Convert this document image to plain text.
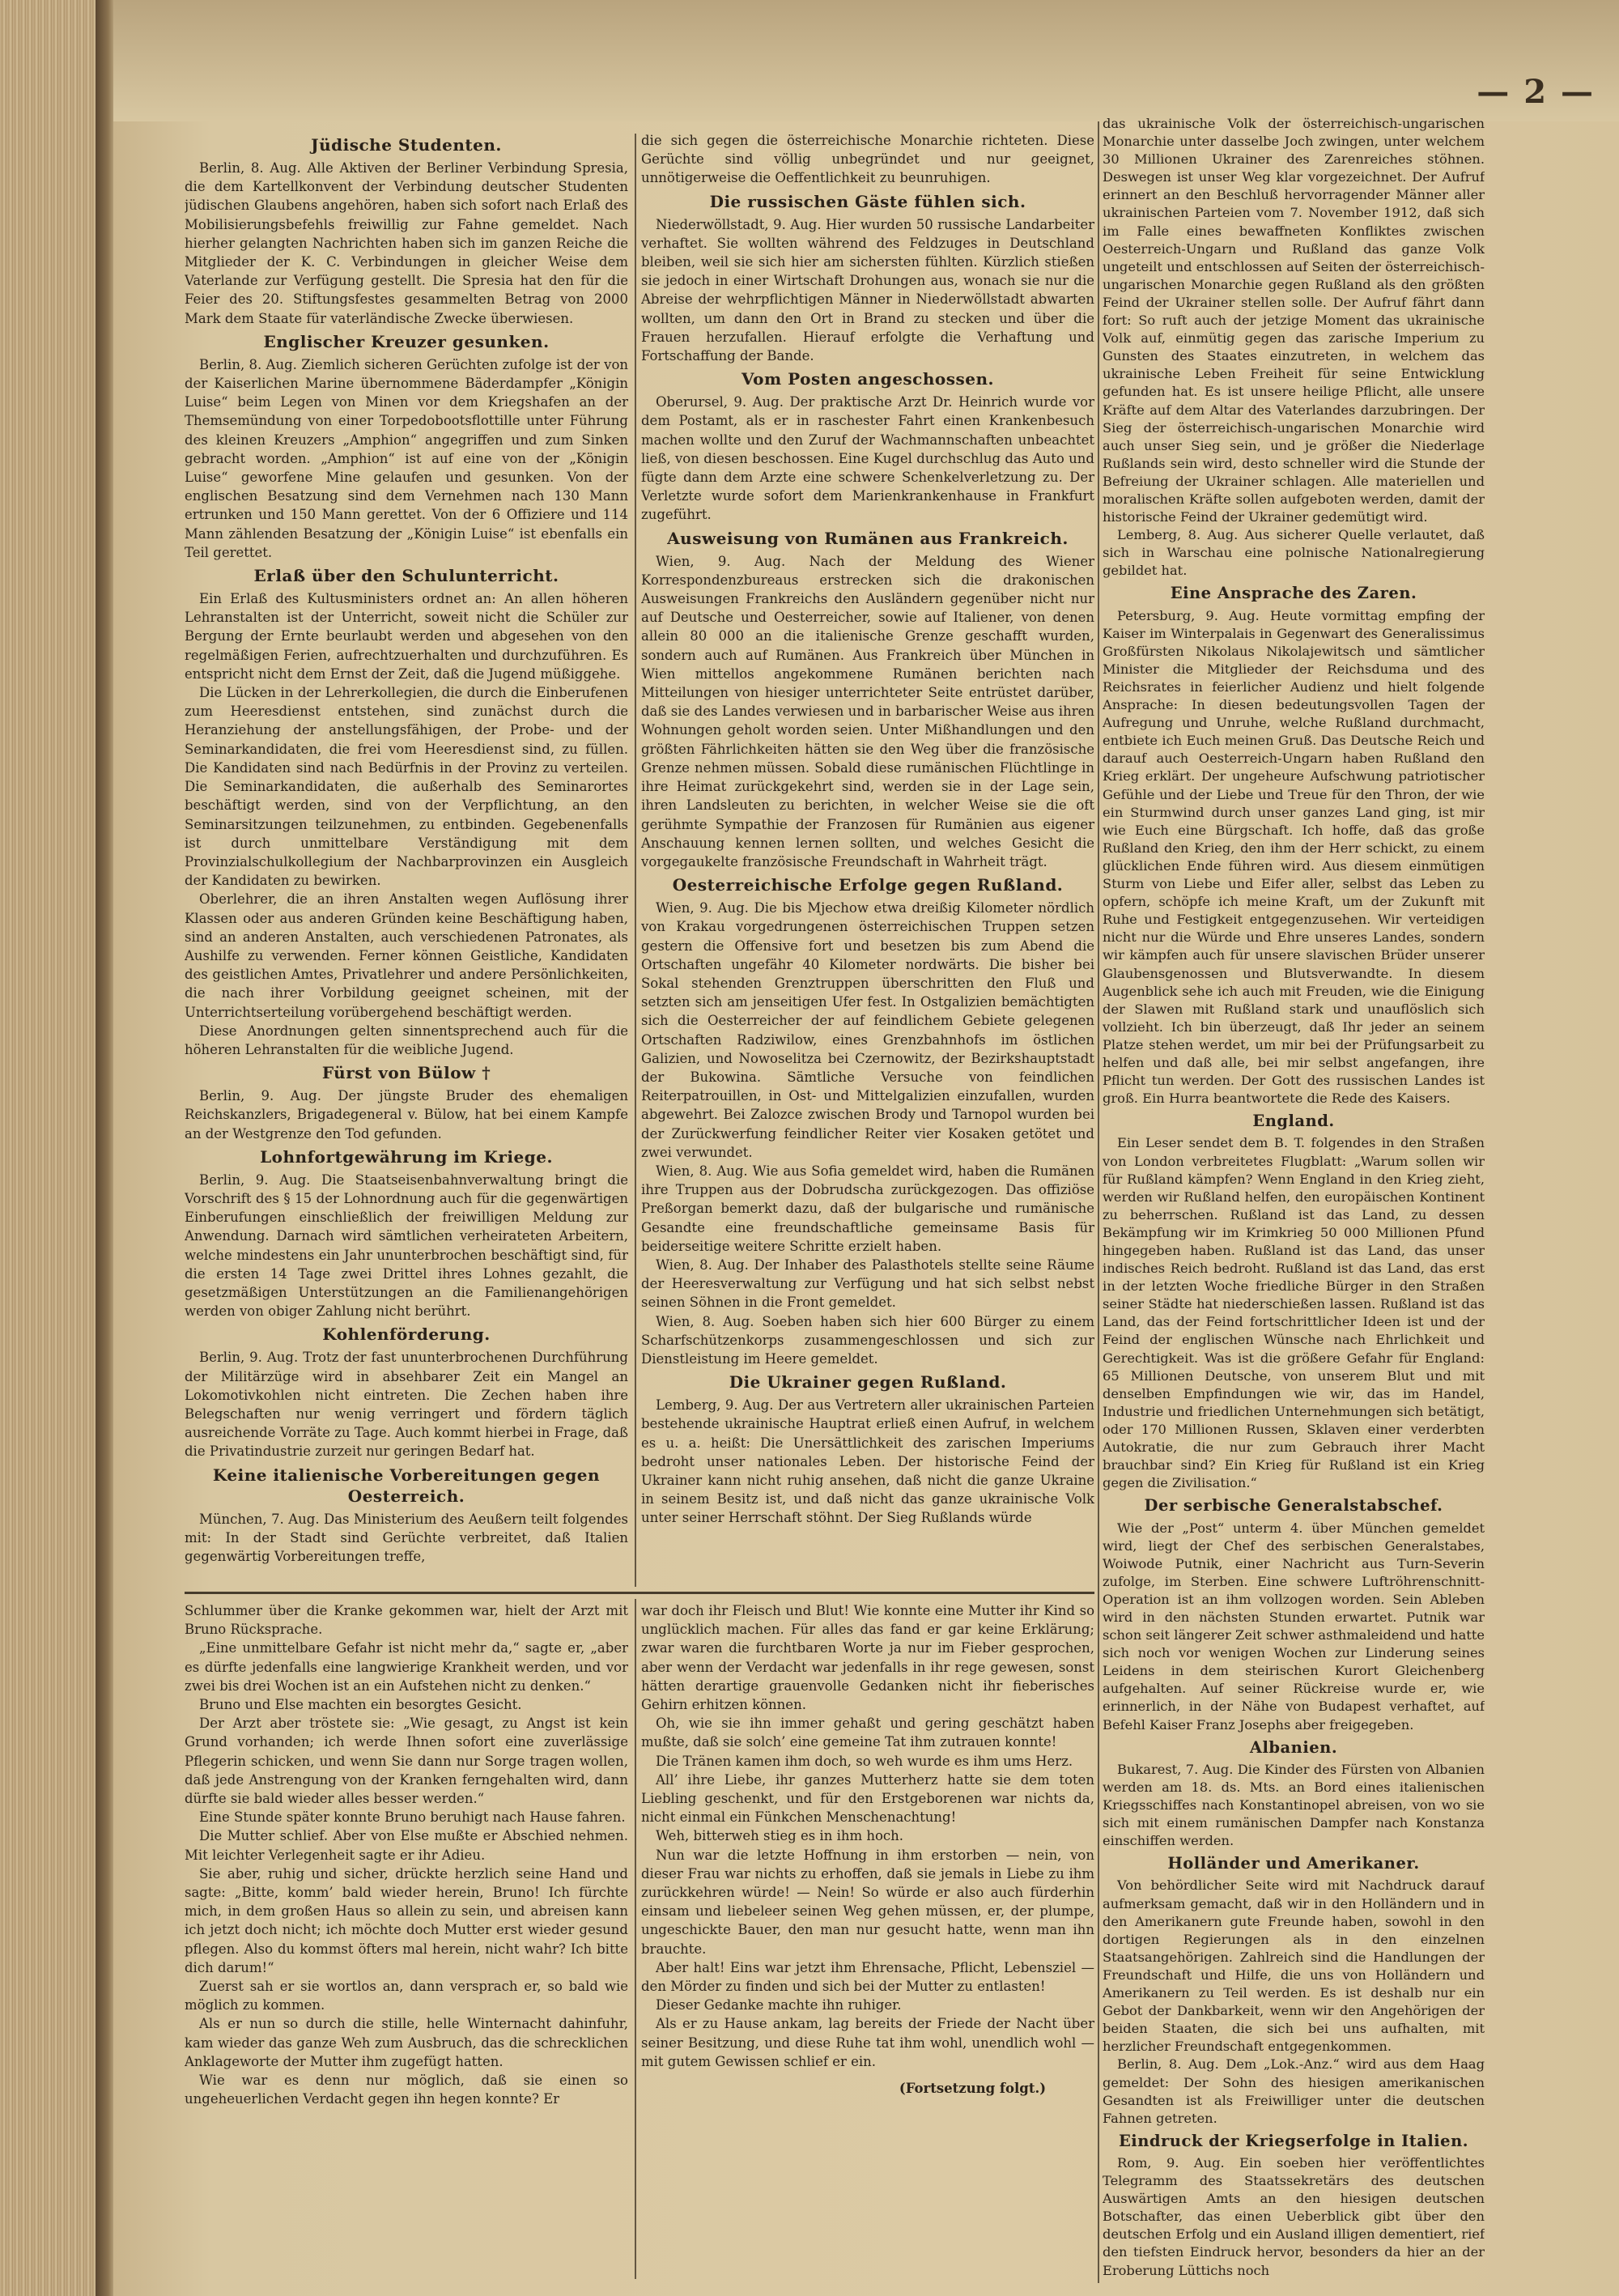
— 2 —
Jüdische Studenten.

Berlin, 8. Aug. Alle Aktiven der Berliner Verbindung Spresia, die dem Kartellkonvent der Verbindung deutscher Studenten jüdischen Glaubens angehören, haben sich sofort nach Erlaß des Mobilisierungsbefehls freiwillig zur Fahne gemeldet. Nach hierher gelangten Nachrichten haben sich im ganzen Reiche die Mitglieder der K. C. Verbindungen in gleicher Weise dem Vaterlande zur Verfügung gestellt. Die Spresia hat den für die Feier des 20. Stiftungsfestes gesammelten Betrag von 2000 Mark dem Staate für vaterländische Zwecke überwiesen.

Englischer Kreuzer gesunken.

Berlin, 8. Aug. Ziemlich sicheren Gerüchten zufolge ist der von der Kaiserlichen Marine übernommene Bäderdampfer „Königin Luise“ beim Legen von Minen vor dem Kriegshafen an der Themsemündung von einer Torpedobootsflottille unter Führung des kleinen Kreuzers „Amphion“ angegriffen und zum Sinken gebracht worden. „Amphion“ ist auf eine von der „Königin Luise“ geworfene Mine gelaufen und gesunken. Von der englischen Besatzung sind dem Vernehmen nach 130 Mann ertrunken und 150 Mann gerettet. Von der 6 Offiziere und 114 Mann zählenden Besatzung der „Königin Luise“ ist ebenfalls ein Teil gerettet.

Erlaß über den Schulunterricht.

Ein Erlaß des Kultusministers ordnet an: An allen höheren Lehranstalten ist der Unterricht, soweit nicht die Schüler zur Bergung der Ernte beurlaubt werden und abgesehen von den regelmäßigen Ferien, aufrechtzuerhalten und durchzuführen. Es entspricht nicht dem Ernst der Zeit, daß die Jugend müßiggehe.

Die Lücken in der Lehrerkollegien, die durch die Einberufenen zum Heeresdienst entstehen, sind zunächst durch die Heranziehung der anstellungsfähigen, der Probe- und der Seminarkandidaten, die frei vom Heeresdienst sind, zu füllen. Die Kandidaten sind nach Bedürfnis in der Provinz zu verteilen. Die Seminarkandidaten, die außerhalb des Seminarortes beschäftigt werden, sind von der Verpflichtung, an den Seminarsitzungen teilzunehmen, zu entbinden. Gegebenenfalls ist durch unmittelbare Verständigung mit dem Provinzialschulkollegium der Nachbarprovinzen ein Ausgleich der Kandidaten zu bewirken.

Oberlehrer, die an ihren Anstalten wegen Auflösung ihrer Klassen oder aus anderen Gründen keine Beschäftigung haben, sind an anderen Anstalten, auch verschiedenen Patronates, als Aushilfe zu verwenden. Ferner können Geistliche, Kandidaten des geistlichen Amtes, Privatlehrer und andere Persönlichkeiten, die nach ihrer Vorbildung geeignet scheinen, mit der Unterrichtserteilung vorübergehend beschäftigt werden.

Diese Anordnungen gelten sinnentsprechend auch für die höheren Lehranstalten für die weibliche Jugend.

Fürst von Bülow †

Berlin, 9. Aug. Der jüngste Bruder des ehemaligen Reichskanzlers, Brigadegeneral v. Bülow, hat bei einem Kampfe an der Westgrenze den Tod gefunden.

Lohnfortgewährung im Kriege.

Berlin, 9. Aug. Die Staatseisenbahnverwaltung bringt die Vorschrift des § 15 der Lohnordnung auch für die gegenwärtigen Einberufungen einschließlich der freiwilligen Meldung zur Anwendung. Darnach wird sämtlichen verheirateten Arbeitern, welche mindestens ein Jahr ununterbrochen beschäftigt sind, für die ersten 14 Tage zwei Drittel ihres Lohnes gezahlt, die gesetzmäßigen Unterstützungen an die Familienangehörigen werden von obiger Zahlung nicht berührt.

Kohlenförderung.

Berlin, 9. Aug. Trotz der fast ununterbrochenen Durchführung der Militärzüge wird in absehbarer Zeit ein Mangel an Lokomotivkohlen nicht eintreten. Die Zechen haben ihre Belegschaften nur wenig verringert und fördern täglich ausreichende Vorräte zu Tage. Auch kommt hierbei in Frage, daß die Privatindustrie zurzeit nur geringen Bedarf hat.

Keine italienische Vorbereitungen gegen Oesterreich.

München, 7. Aug. Das Ministerium des Aeußern teilt folgendes mit: In der Stadt sind Gerüchte verbreitet, daß Italien gegenwärtig Vorbereitungen treffe,

die sich gegen die österreichische Monarchie richteten. Diese Gerüchte sind völlig unbegründet und nur geeignet, unnötigerweise die Oeffentlichkeit zu beunruhigen.

Die russischen Gäste fühlen sich.

Niederwöllstadt, 9. Aug. Hier wurden 50 russische Landarbeiter verhaftet. Sie wollten während des Feldzuges in Deutschland bleiben, weil sie sich hier am sichersten fühlten. Kürzlich stießen sie jedoch in einer Wirtschaft Drohungen aus, wonach sie nur die Abreise der wehrpflichtigen Männer in Niederwöllstadt abwarten wollten, um dann den Ort in Brand zu stecken und über die Frauen herzufallen. Hierauf erfolgte die Verhaftung und Fortschaffung der Bande.

Vom Posten angeschossen.

Oberursel, 9. Aug. Der praktische Arzt Dr. Heinrich wurde vor dem Postamt, als er in raschester Fahrt einen Krankenbesuch machen wollte und den Zuruf der Wachmannschaften unbeachtet ließ, von diesen beschossen. Eine Kugel durchschlug das Auto und fügte dann dem Arzte eine schwere Schenkelverletzung zu. Der Verletzte wurde sofort dem Marienkrankenhause in Frankfurt zugeführt.

Ausweisung von Rumänen aus Frankreich.

Wien, 9. Aug. Nach der Meldung des Wiener Korrespondenzbureaus erstrecken sich die drakonischen Ausweisungen Frankreichs den Ausländern gegenüber nicht nur auf Deutsche und Oesterreicher, sowie auf Italiener, von denen allein 80 000 an die italienische Grenze geschafft wurden, sondern auch auf Rumänen. Aus Frankreich über München in Wien mittellos angekommene Rumänen berichten nach Mitteilungen von hiesiger unterrichteter Seite entrüstet darüber, daß sie des Landes verwiesen und in barbarischer Weise aus ihren Wohnungen geholt worden seien. Unter Mißhandlungen und den größten Fährlichkeiten hätten sie den Weg über die französische Grenze nehmen müssen. Sobald diese rumänischen Flüchtlinge in ihre Heimat zurückgekehrt sind, werden sie in der Lage sein, ihren Landsleuten zu berichten, in welcher Weise sie die oft gerühmte Sympathie der Franzosen für Rumänien aus eigener Anschauung kennen lernen sollten, und welches Gesicht die vorgegaukelte französische Freundschaft in Wahrheit trägt.

Oesterreichische Erfolge gegen Rußland.

Wien, 9. Aug. Die bis Mjechow etwa dreißig Kilometer nördlich von Krakau vorgedrungenen österreichischen Truppen setzen gestern die Offensive fort und besetzen bis zum Abend die Ortschaften ungefähr 40 Kilometer nordwärts. Die bisher bei Sokal stehenden Grenztruppen überschritten den Fluß und setzten sich am jenseitigen Ufer fest. In Ostgalizien bemächtigten sich die Oesterreicher der auf feindlichem Gebiete gelegenen Ortschaften Radziwilow, eines Grenzbahnhofs im östlichen Galizien, und Nowoselitza bei Czernowitz, der Bezirkshauptstadt der Bukowina. Sämtliche Versuche von feindlichen Reiterpatrouillen, in Ost- und Mittelgalizien einzufallen, wurden abgewehrt. Bei Zalozce zwischen Brody und Tarnopol wurden bei der Zurückwerfung feindlicher Reiter vier Kosaken getötet und zwei verwundet.

Wien, 8. Aug. Wie aus Sofia gemeldet wird, haben die Rumänen ihre Truppen aus der Dobrudscha zurückgezogen. Das offiziöse Preßorgan bemerkt dazu, daß der bulgarische und rumänische Gesandte eine freundschaftliche gemeinsame Basis für beiderseitige weitere Schritte erzielt haben.

Wien, 8. Aug. Der Inhaber des Palasthotels stellte seine Räume der Heeresverwaltung zur Verfügung und hat sich selbst nebst seinen Söhnen in die Front gemeldet.

Wien, 8. Aug. Soeben haben sich hier 600 Bürger zu einem Scharfschützenkorps zusammengeschlossen und sich zur Dienstleistung im Heere gemeldet.

Die Ukrainer gegen Rußland.

Lemberg, 9. Aug. Der aus Vertretern aller ukrainischen Parteien bestehende ukrainische Hauptrat erließ einen Aufruf, in welchem es u. a. heißt: Die Unersättlichkeit des zarischen Imperiums bedroht unser nationales Leben. Der historische Feind der Ukrainer kann nicht ruhig ansehen, daß nicht die ganze Ukraine in seinem Besitz ist, und daß nicht das ganze ukrainische Volk unter seiner Herrschaft stöhnt. Der Sieg Rußlands würde

das ukrainische Volk der österreichisch-ungarischen Monarchie unter dasselbe Joch zwingen, unter welchem 30 Millionen Ukrainer des Zarenreiches stöhnen. Deswegen ist unser Weg klar vorgezeichnet. Der Aufruf erinnert an den Beschluß hervorragender Männer aller ukrainischen Parteien vom 7. November 1912, daß sich im Falle eines bewaffneten Konfliktes zwischen Oesterreich-Ungarn und Rußland das ganze Volk ungeteilt und entschlossen auf Seiten der österreichisch-ungarischen Monarchie gegen Rußland als den größten Feind der Ukrainer stellen solle. Der Aufruf fährt dann fort: So ruft auch der jetzige Moment das ukrainische Volk auf, einmütig gegen das zarische Imperium zu Gunsten des Staates einzutreten, in welchem das ukrainische Leben Freiheit für seine Entwicklung gefunden hat. Es ist unsere heilige Pflicht, alle unsere Kräfte auf dem Altar des Vaterlandes darzubringen. Der Sieg der österreichisch-ungarischen Monarchie wird auch unser Sieg sein, und je größer die Niederlage Rußlands sein wird, desto schneller wird die Stunde der Befreiung der Ukrainer schlagen. Alle materiellen und moralischen Kräfte sollen aufgeboten werden, damit der historische Feind der Ukrainer gedemütigt wird.

Lemberg, 8. Aug. Aus sicherer Quelle verlautet, daß sich in Warschau eine polnische Nationalregierung gebildet hat.

Eine Ansprache des Zaren.

Petersburg, 9. Aug. Heute vormittag empfing der Kaiser im Winterpalais in Gegenwart des Generalissimus Großfürsten Nikolaus Nikolajewitsch und sämtlicher Minister die Mitglieder der Reichsduma und des Reichsrates in feierlicher Audienz und hielt folgende Ansprache: In diesen bedeutungsvollen Tagen der Aufregung und Unruhe, welche Rußland durchmacht, entbiete ich Euch meinen Gruß. Das Deutsche Reich und darauf auch Oesterreich-Ungarn haben Rußland den Krieg erklärt. Der ungeheure Aufschwung patriotischer Gefühle und der Liebe und Treue für den Thron, der wie ein Sturmwind durch unser ganzes Land ging, ist mir wie Euch eine Bürgschaft. Ich hoffe, daß das große Rußland den Krieg, den ihm der Herr schickt, zu einem glücklichen Ende führen wird. Aus diesem einmütigen Sturm von Liebe und Eifer aller, selbst das Leben zu opfern, schöpfe ich meine Kraft, um der Zukunft mit Ruhe und Festigkeit entgegenzusehen. Wir verteidigen nicht nur die Würde und Ehre unseres Landes, sondern wir kämpfen auch für unsere slavischen Brüder unserer Glaubensgenossen und Blutsverwandte. In diesem Augenblick sehe ich auch mit Freuden, wie die Einigung der Slawen mit Rußland stark und unauflöslich sich vollzieht. Ich bin überzeugt, daß Ihr jeder an seinem Platze stehen werdet, um mir bei der Prüfungsarbeit zu helfen und daß alle, bei mir selbst angefangen, ihre Pflicht tun werden. Der Gott des russischen Landes ist groß. Ein Hurra beantwortete die Rede des Kaisers.

England.

Ein Leser sendet dem B. T. folgendes in den Straßen von London verbreitetes Flugblatt: „Warum sollen wir für Rußland kämpfen? Wenn England in den Krieg zieht, werden wir Rußland helfen, den europäischen Kontinent zu beherrschen. Rußland ist das Land, zu dessen Bekämpfung wir im Krimkrieg 50 000 Millionen Pfund hingegeben haben. Rußland ist das Land, das unser indisches Reich bedroht. Rußland ist das Land, das erst in der letzten Woche friedliche Bürger in den Straßen seiner Städte hat niederschießen lassen. Rußland ist das Land, das der Feind fortschrittlicher Ideen ist und der Feind der englischen Wünsche nach Ehrlichkeit und Gerechtigkeit. Was ist die größere Gefahr für England: 65 Millionen Deutsche, von unserem Blut und mit denselben Empfindungen wie wir, das im Handel, Industrie und friedlichen Unternehmungen sich betätigt, oder 170 Millionen Russen, Sklaven einer verderbten Autokratie, die nur zum Gebrauch ihrer Macht brauchbar sind? Ein Krieg für Rußland ist ein Krieg gegen die Zivilisation.“

Der serbische Generalstabschef.

Wie der „Post“ unterm 4. über München gemeldet wird, liegt der Chef des serbischen Generalstabes, Woiwode Putnik, einer Nachricht aus Turn-Severin zufolge, im Sterben. Eine schwere Luftröhrenschnitt-Operation ist an ihm vollzogen worden. Sein Ableben wird in den nächsten Stunden erwartet. Putnik war schon seit längerer Zeit schwer asthmaleidend und hatte sich noch vor wenigen Wochen zur Linderung seines Leidens in dem steirischen Kurort Gleichenberg aufgehalten. Auf seiner Rückreise wurde er, wie erinnerlich, in der Nähe von Budapest verhaftet, auf Befehl Kaiser Franz Josephs aber freigegeben.

Albanien.

Bukarest, 7. Aug. Die Kinder des Fürsten von Albanien werden am 18. ds. Mts. an Bord eines italienischen Kriegsschiffes nach Konstantinopel abreisen, von wo sie sich mit einem rumänischen Dampfer nach Konstanza einschiffen werden.

Holländer und Amerikaner.

Von behördlicher Seite wird mit Nachdruck darauf aufmerksam gemacht, daß wir in den Holländern und in den Amerikanern gute Freunde haben, sowohl in den dortigen Regierungen als in den einzelnen Staatsangehörigen. Zahlreich sind die Handlungen der Freundschaft und Hilfe, die uns von Holländern und Amerikanern zu Teil werden. Es ist deshalb nur ein Gebot der Dankbarkeit, wenn wir den Angehörigen der beiden Staaten, die sich bei uns aufhalten, mit herzlicher Freundschaft entgegenkommen.

Berlin, 8. Aug. Dem „Lok.-Anz.“ wird aus dem Haag gemeldet: Der Sohn des hiesigen amerikanischen Gesandten ist als Freiwilliger unter die deutschen Fahnen getreten.

Eindruck der Kriegserfolge in Italien.

Rom, 9. Aug. Ein soeben hier veröffentlichtes Telegramm des Staatssekretärs des deutschen Auswärtigen Amts an den hiesigen deutschen Botschafter, das einen Ueberblick gibt über den deutschen Erfolg und ein Ausland illigen dementiert, rief den tiefsten Eindruck hervor, besonders da hier an der Eroberung Lüttichs noch

Schlummer über die Kranke gekommen war, hielt der Arzt mit Bruno Rücksprache.

„Eine unmittelbare Gefahr ist nicht mehr da,“ sagte er, „aber es dürfte jedenfalls eine langwierige Krankheit werden, und vor zwei bis drei Wochen ist an ein Aufstehen nicht zu denken.“

Bruno und Else machten ein besorgtes Gesicht.

Der Arzt aber tröstete sie: „Wie gesagt, zu Angst ist kein Grund vorhanden; ich werde Ihnen sofort eine zuverlässige Pflegerin schicken, und wenn Sie dann nur Sorge tragen wollen, daß jede Anstrengung von der Kranken ferngehalten wird, dann dürfte sie bald wieder alles besser werden.“

Eine Stunde später konnte Bruno beruhigt nach Hause fahren.

Die Mutter schlief. Aber von Else mußte er Abschied nehmen. Mit leichter Verlegenheit sagte er ihr Adieu.

Sie aber, ruhig und sicher, drückte herzlich seine Hand und sagte: „Bitte, komm’ bald wieder herein, Bruno! Ich fürchte mich, in dem großen Haus so allein zu sein, und abreisen kann ich jetzt doch nicht; ich möchte doch Mutter erst wieder gesund pflegen. Also du kommst öfters mal herein, nicht wahr? Ich bitte dich darum!“

Zuerst sah er sie wortlos an, dann versprach er, so bald wie möglich zu kommen.

Als er nun so durch die stille, helle Winternacht dahinfuhr, kam wieder das ganze Weh zum Ausbruch, das die schrecklichen Anklageworte der Mutter ihm zugefügt hatten.

Wie war es denn nur möglich, daß sie einen so ungeheuerlichen Verdacht gegen ihn hegen konnte? Er

war doch ihr Fleisch und Blut! Wie konnte eine Mutter ihr Kind so unglücklich machen. Für alles das fand er gar keine Erklärung; zwar waren die furchtbaren Worte ja nur im Fieber gesprochen, aber wenn der Verdacht war jedenfalls in ihr rege gewesen, sonst hätten derartige grauenvolle Gedanken nicht ihr fieberisches Gehirn erhitzen können.

Oh, wie sie ihn immer gehaßt und gering geschätzt haben mußte, daß sie solch’ eine gemeine Tat ihm zutrauen konnte!

Die Tränen kamen ihm doch, so weh wurde es ihm ums Herz.

All’ ihre Liebe, ihr ganzes Mutterherz hatte sie dem toten Liebling geschenkt, und für den Erstgeborenen war nichts da, nicht einmal ein Fünkchen Menschenachtung!

Weh, bitterweh stieg es in ihm hoch.

Nun war die letzte Hoffnung in ihm erstorben — nein, von dieser Frau war nichts zu erhoffen, daß sie jemals in Liebe zu ihm zurückkehren würde! — Nein! So würde er also auch fürderhin einsam und liebeleer seinen Weg gehen müssen, er, der plumpe, ungeschickte Bauer, den man nur gesucht hatte, wenn man ihn brauchte.

Aber halt! Eins war jetzt ihm Ehrensache, Pflicht, Lebensziel — den Mörder zu finden und sich bei der Mutter zu entlasten!

Dieser Gedanke machte ihn ruhiger.

Als er zu Hause ankam, lag bereits der Friede der Nacht über seiner Besitzung, und diese Ruhe tat ihm wohl, unendlich wohl — mit gutem Gewissen schlief er ein.

(Fortsetzung folgt.)
